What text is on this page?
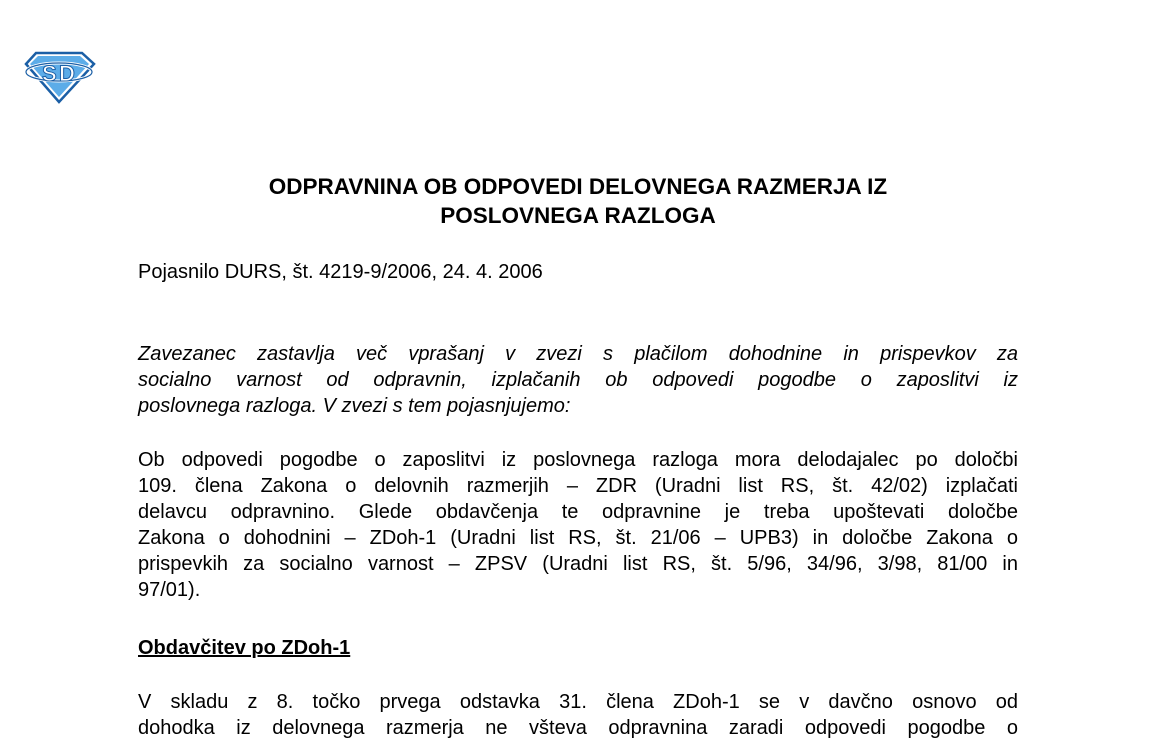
S D
ODPRAVNINA OB ODPOVEDI DELOVNEGA RAZMERJA IZ
POSLOVNEGA RAZLOGA

Pojasnilo DURS, št. 4219-9/2006, 24. 4. 2006

Zavezanec zastavlja več vprašanj v zvezi s plačilom dohodnine in prispevkov za
socialno varnost od odpravnin, izplačanih ob odpovedi pogodbe o zaposlitvi iz
poslovnega razloga. V zvezi s tem pojasnjujemo:

Ob odpovedi pogodbe o zaposlitvi iz poslovnega razloga mora delodajalec po določbi
109. člena Zakona o delovnih razmerjih – ZDR (Uradni list RS, št. 42/02) izplačati
delavcu odpravnino. Glede obdavčenja te odpravnine je treba upoštevati določbe
Zakona o dohodnini – ZDoh-1 (Uradni list RS, št. 21/06 – UPB3) in določbe Zakona o
prispevkih za socialno varnost – ZPSV (Uradni list RS, št. 5/96, 34/96, 3/98, 81/00 in
97/01).

Obdavčitev po ZDoh-1

V skladu z 8. točko prvega odstavka 31. člena ZDoh-1 se v davčno osnovo od
dohodka iz delovnega razmerja ne všteva odpravnina zaradi odpovedi pogodbe o
